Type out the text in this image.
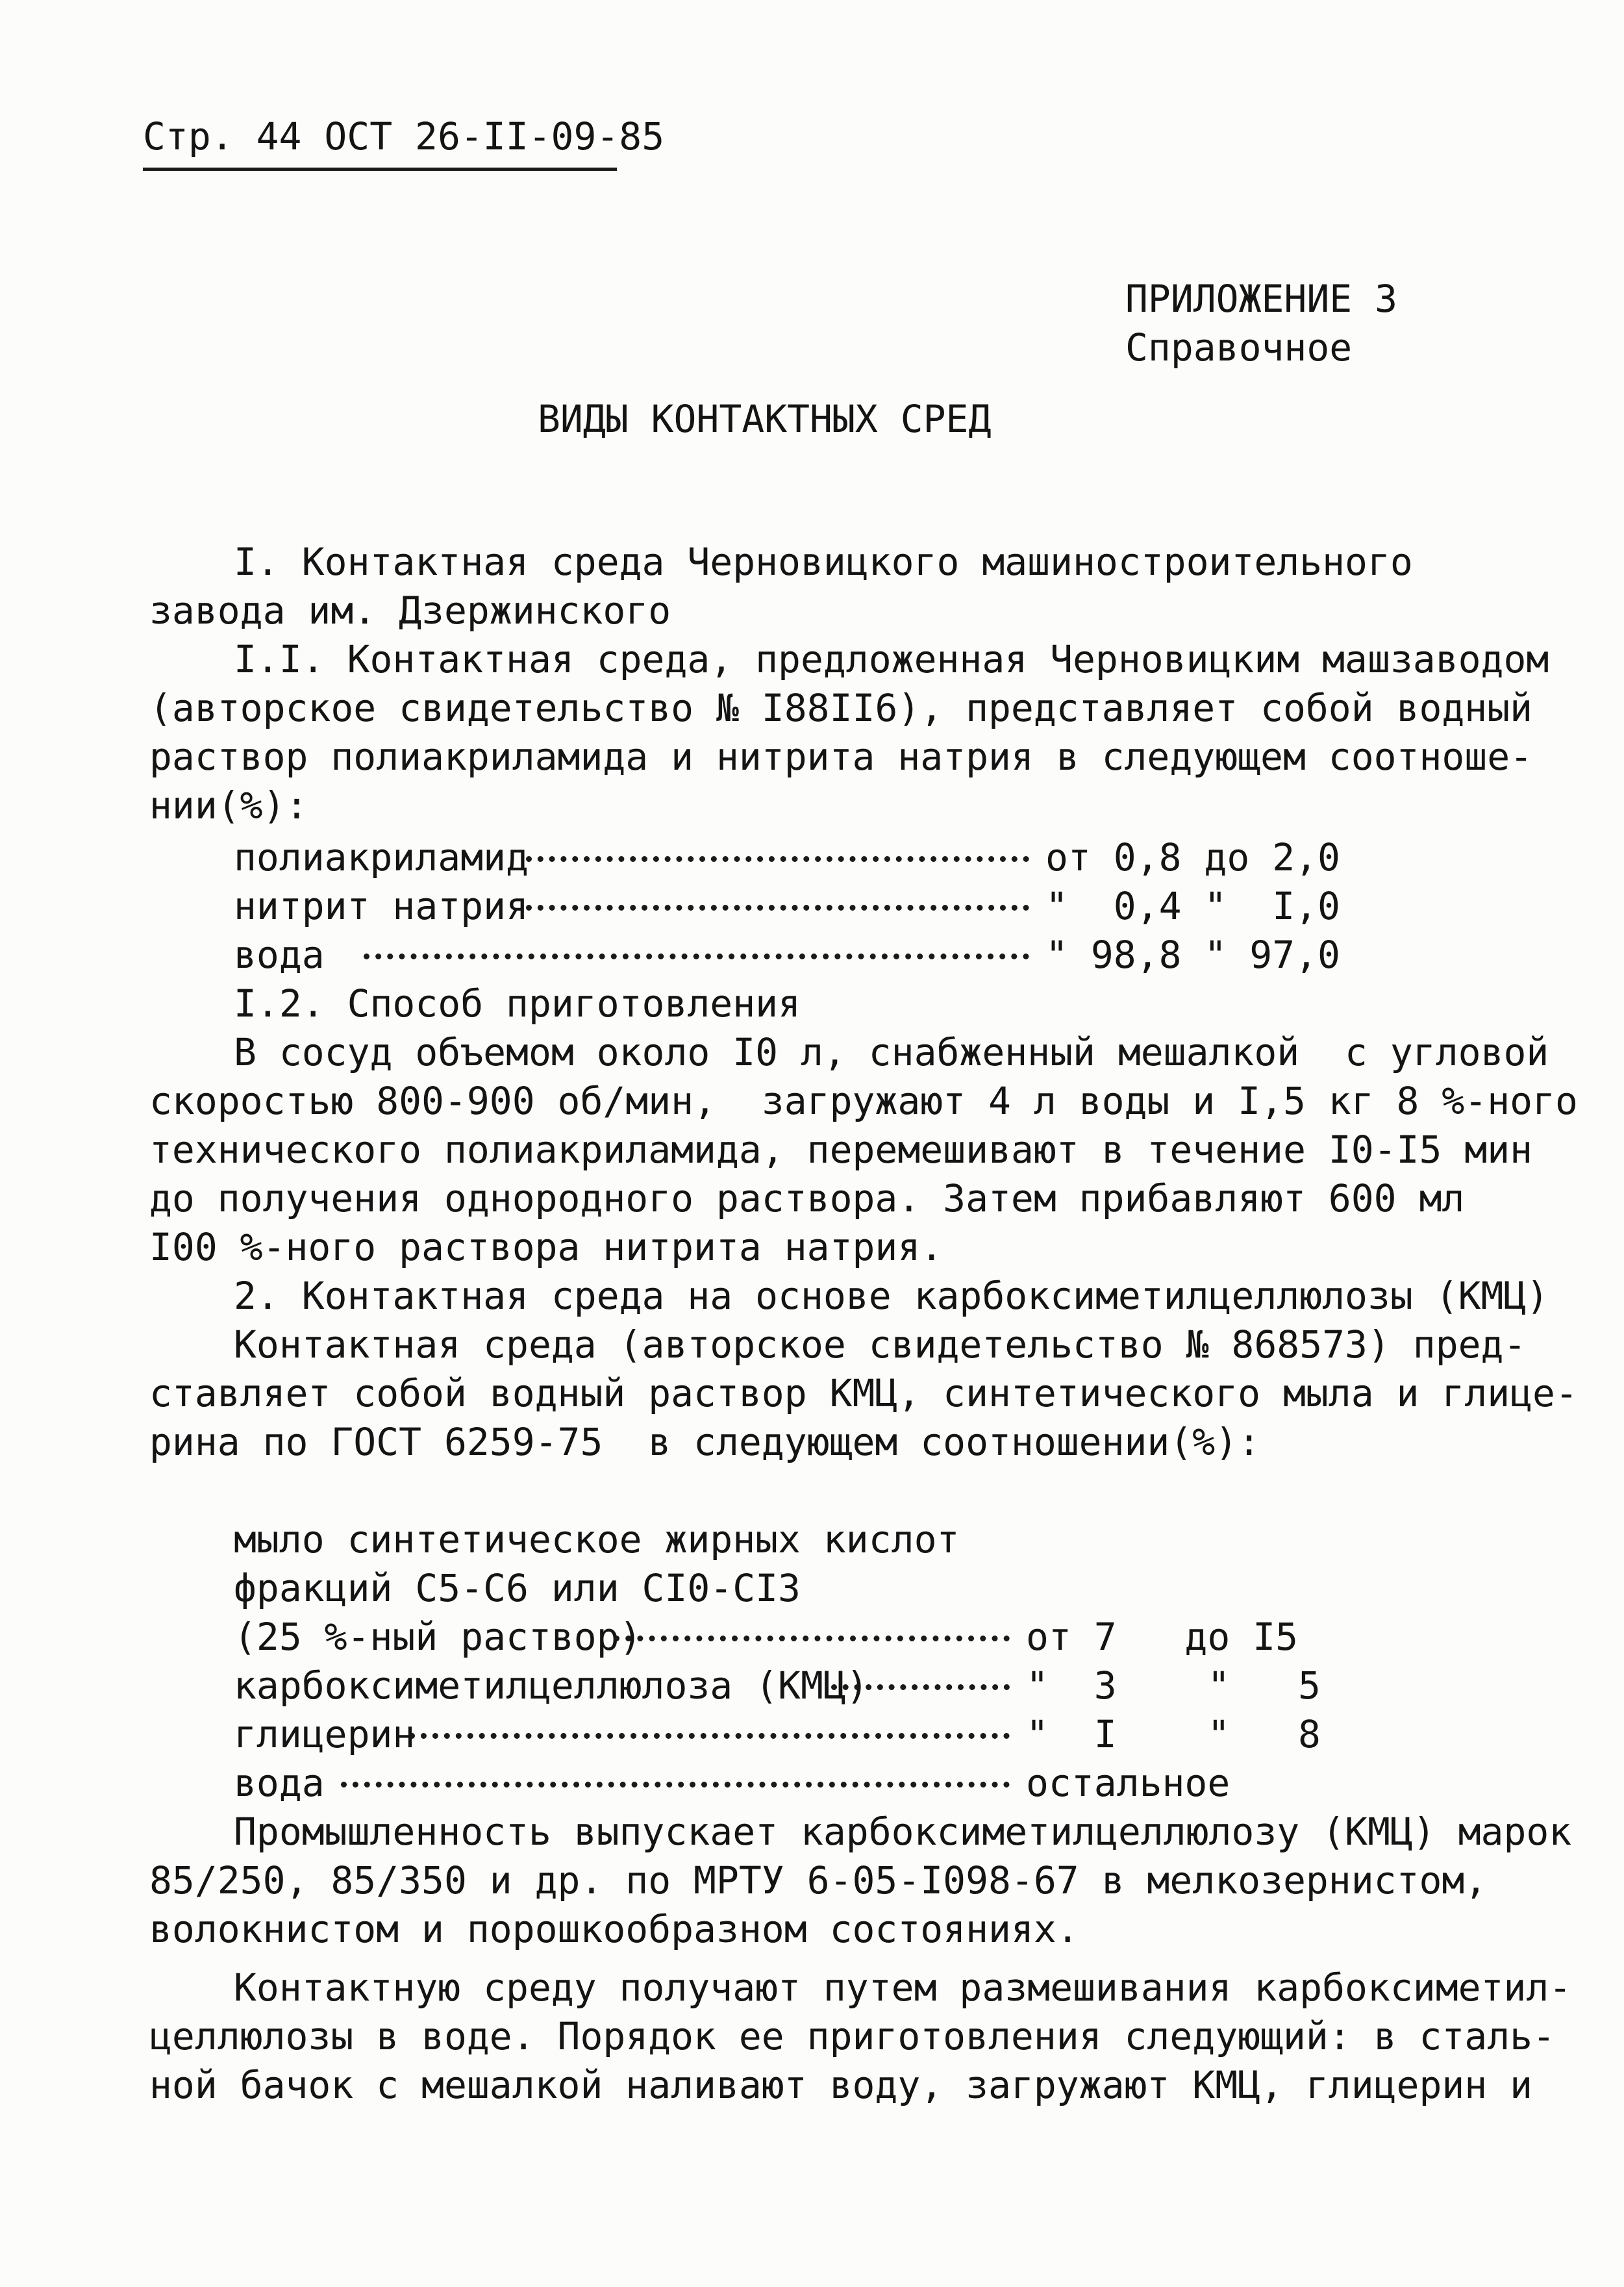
Стр. 44 ОСТ 26-II-09-85
ПРИЛОЖЕНИЕ 3
Справочное
ВИДЫ КОНТАКТНЫХ СРЕД
I. Контактная среда Черновицкого машиностроительного
завода им. Дзержинского
I.I. Контактная среда, предложенная Черновицким машзаводом
(авторское свидетельство № I88II6), представляет собой водный
раствор полиакриламида и нитрита натрия в следующем соотноше-
нии(%):
полиакриламид	от 0,8 до 2,0
нитрит натрия	"  0,4 "  I,0
вода	" 98,8 " 97,0
I.2. Способ приготовления
В сосуд объемом около I0 л, снабженный мешалкой  с угловой
скоростью 800-900 об/мин,  загружают 4 л воды и I,5 кг 8 %-ного
технического полиакриламида, перемешивают в течение I0-I5 мин
до получения однородного раствора. Затем прибавляют 600 мл
I00 %-ного раствора нитрита натрия.
2. Контактная среда на основе карбоксиметилцеллюлозы (КМЦ)
Контактная среда (авторское свидетельство № 868573) пред-
ставляет собой водный раствор КМЦ, синтетического мыла и глице-
рина по ГОСТ 6259-75  в следующем соотношении(%):
мыло синтетическое жирных кислот
фракций С5-С6 или СI0-СI3
(25 %-ный раствор)	от 7   до I5
карбоксиметилцеллюлоза (КМЦ)	"  3    "   5
глицерин	"  I    "   8
вода	остальное
Промышленность выпускает карбоксиметилцеллюлозу (КМЦ) марок
85/250, 85/350 и др. по МРТУ 6-05-I098-67 в мелкозернистом,
волокнистом и порошкообразном состояниях.
Контактную среду получают путем размешивания карбоксиметил-
целлюлозы в воде. Порядок ее приготовления следующий: в сталь-
ной бачок с мешалкой наливают воду, загружают КМЦ, глицерин и
